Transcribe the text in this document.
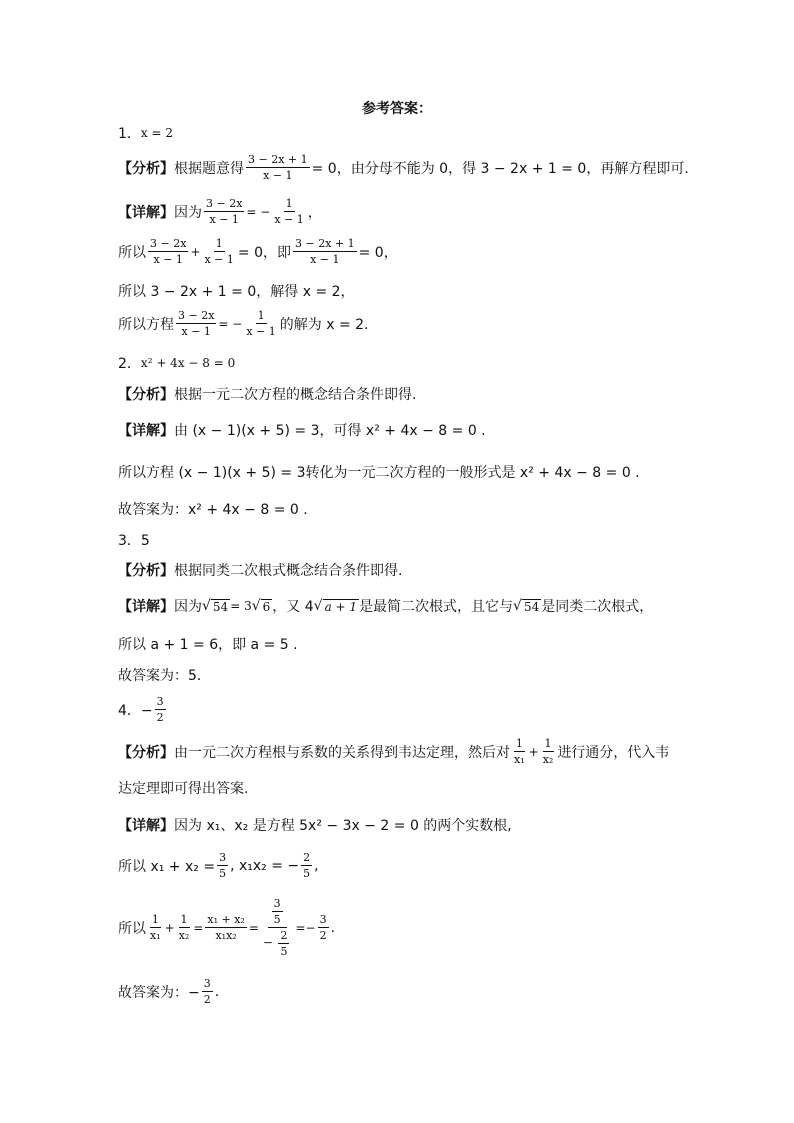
参考答案：
1． x = 2
【分析】 根据题意得 $\frac{3 - 2x + 1}{x - 1} = 0$，由分母不能为 0，得 3 − 2x + 1 = 0，再解方程即可.
【详解】 因为 $\frac{3 - 2x}{x - 1}$ = − $\frac{1}{x - 1}$ ，
所以 $\frac{3 - 2x}{x - 1} + \frac{1}{x - 1} = 0$，即 $\frac{3 - 2x + 1}{x - 1} = 0$，
所以 3 − 2x + 1 = 0，解得 x = 2，
所以方程 $\frac{3 - 2x}{x - 1}$ = − $\frac{1}{x - 1}$ 的解为 x = 2.
2． x² + 4x − 8 = 0
【分析】 根据一元二次方程的概念结合条件即得.
【详解】 由 (x − 1)(x + 5) = 3，可得 x² + 4x − 8 = 0 .
所以方程 (x − 1)(x + 5) = 3转化为一元二次方程的一般形式是 x² + 4x − 8 = 0 .
故答案为：x² + 4x − 8 = 0 .
3．5
【分析】 根据同类二次根式概念结合条件即得.
【详解】 因为 √ 54 = 3 √ 6 ，又 4 √ a + 1 是最简二次根式，且它与 √ 54 是同类二次根式，
所以 a + 1 = 6，即 a = 5 .
故答案为：5.
4．− $\frac{3}{2}$
【分析】 由一元二次方程根与系数的关系得到韦达定理，然后对 $\frac{1}{\text{x₁}} + \frac{1}{\text{x₂}}$ 进行通分，代入韦
达定理即可得出答案.
【详解】 因为 x₁、x₂ 是方程 5x² − 3x − 2 = 0 的两个实数根,
所以 $x_1 + x_2 = \frac{3}{5}$ , x₁x₂ = − $\frac{2}{5}$ ,
所以 $\frac{1}{\text{x₁}} + \frac{1}{\text{x₂}} = \frac{\text{x₁ + x₂}}{\text{x₁x₂}} = \frac{\frac{3}{5}}{- \frac{2}{5}}$ = − $\frac{3}{2}$ .
故答案为：− $\frac{3}{2}$ .
